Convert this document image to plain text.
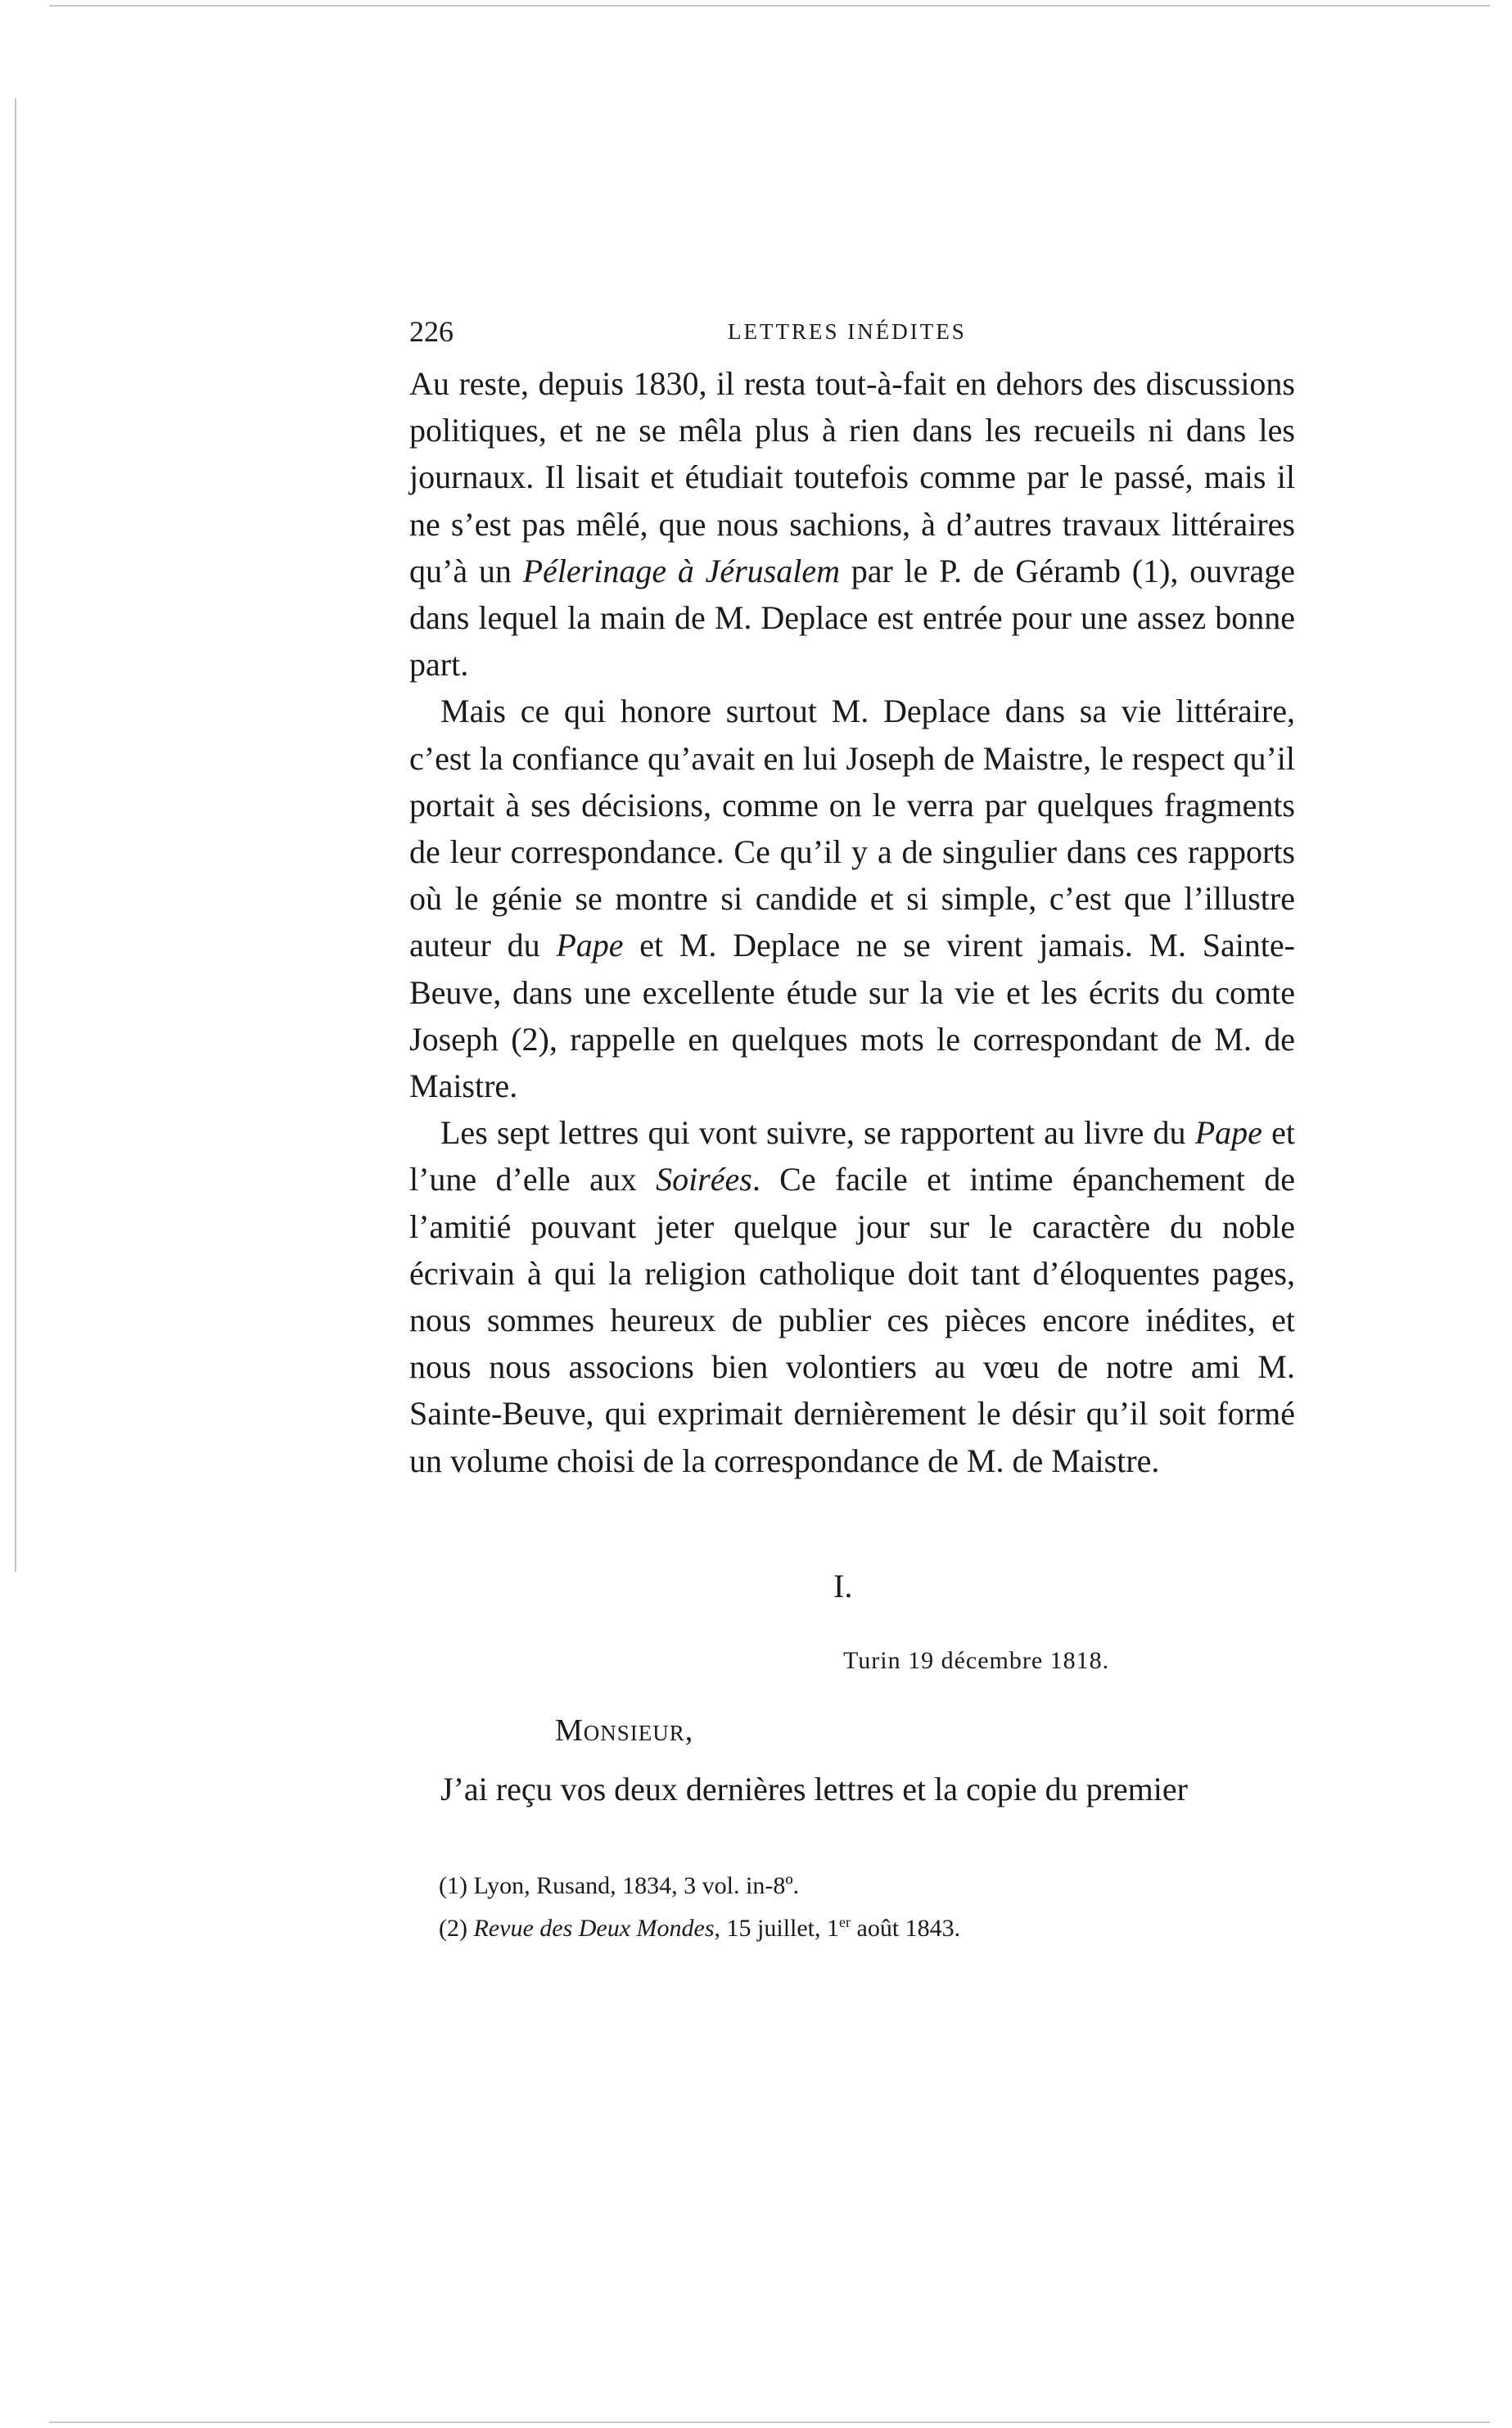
226	LETTRES INÉDITES

Au reste, depuis 1830, il resta tout-à-fait en dehors des discussions politiques, et ne se mêla plus à rien dans les recueils ni dans les journaux. Il lisait et étudiait toutefois comme par le passé, mais il ne s’est pas mêlé, que nous sachions, à d’autres travaux littéraires qu’à un Pélerinage à Jérusalem par le P. de Géramb (1), ouvrage dans lequel la main de M. Deplace est entrée pour une assez bonne part.

Mais ce qui honore surtout M. Deplace dans sa vie littéraire, c’est la confiance qu’avait en lui Joseph de Maistre, le respect qu’il portait à ses décisions, comme on le verra par quelques fragments de leur correspondance. Ce qu’il y a de singulier dans ces rapports où le génie se montre si candide et si simple, c’est que l’illustre auteur du Pape et M. Deplace ne se virent jamais. M. Sainte-Beuve, dans une excellente étude sur la vie et les écrits du comte Joseph (2), rappelle en quelques mots le correspondant de M. de Maistre.

Les sept lettres qui vont suivre, se rapportent au livre du Pape et l’une d’elle aux Soirées. Ce facile et intime épanchement de l’amitié pouvant jeter quelque jour sur le caractère du noble écrivain à qui la religion catholique doit tant d’éloquentes pages, nous sommes heureux de publier ces pièces encore inédites, et nous nous associons bien volontiers au vœu de notre ami M. Sainte-Beuve, qui exprimait dernièrement le désir qu’il soit formé un volume choisi de la correspondance de M. de Maistre.

I.
Turin 19 décembre 1818.
Monsieur,
J’ai reçu vos deux dernières lettres et la copie du premier
(1) Lyon, Rusand, 1834, 3 vol. in-8º.
(2) Revue des Deux Mondes, 15 juillet, 1er août 1843.
